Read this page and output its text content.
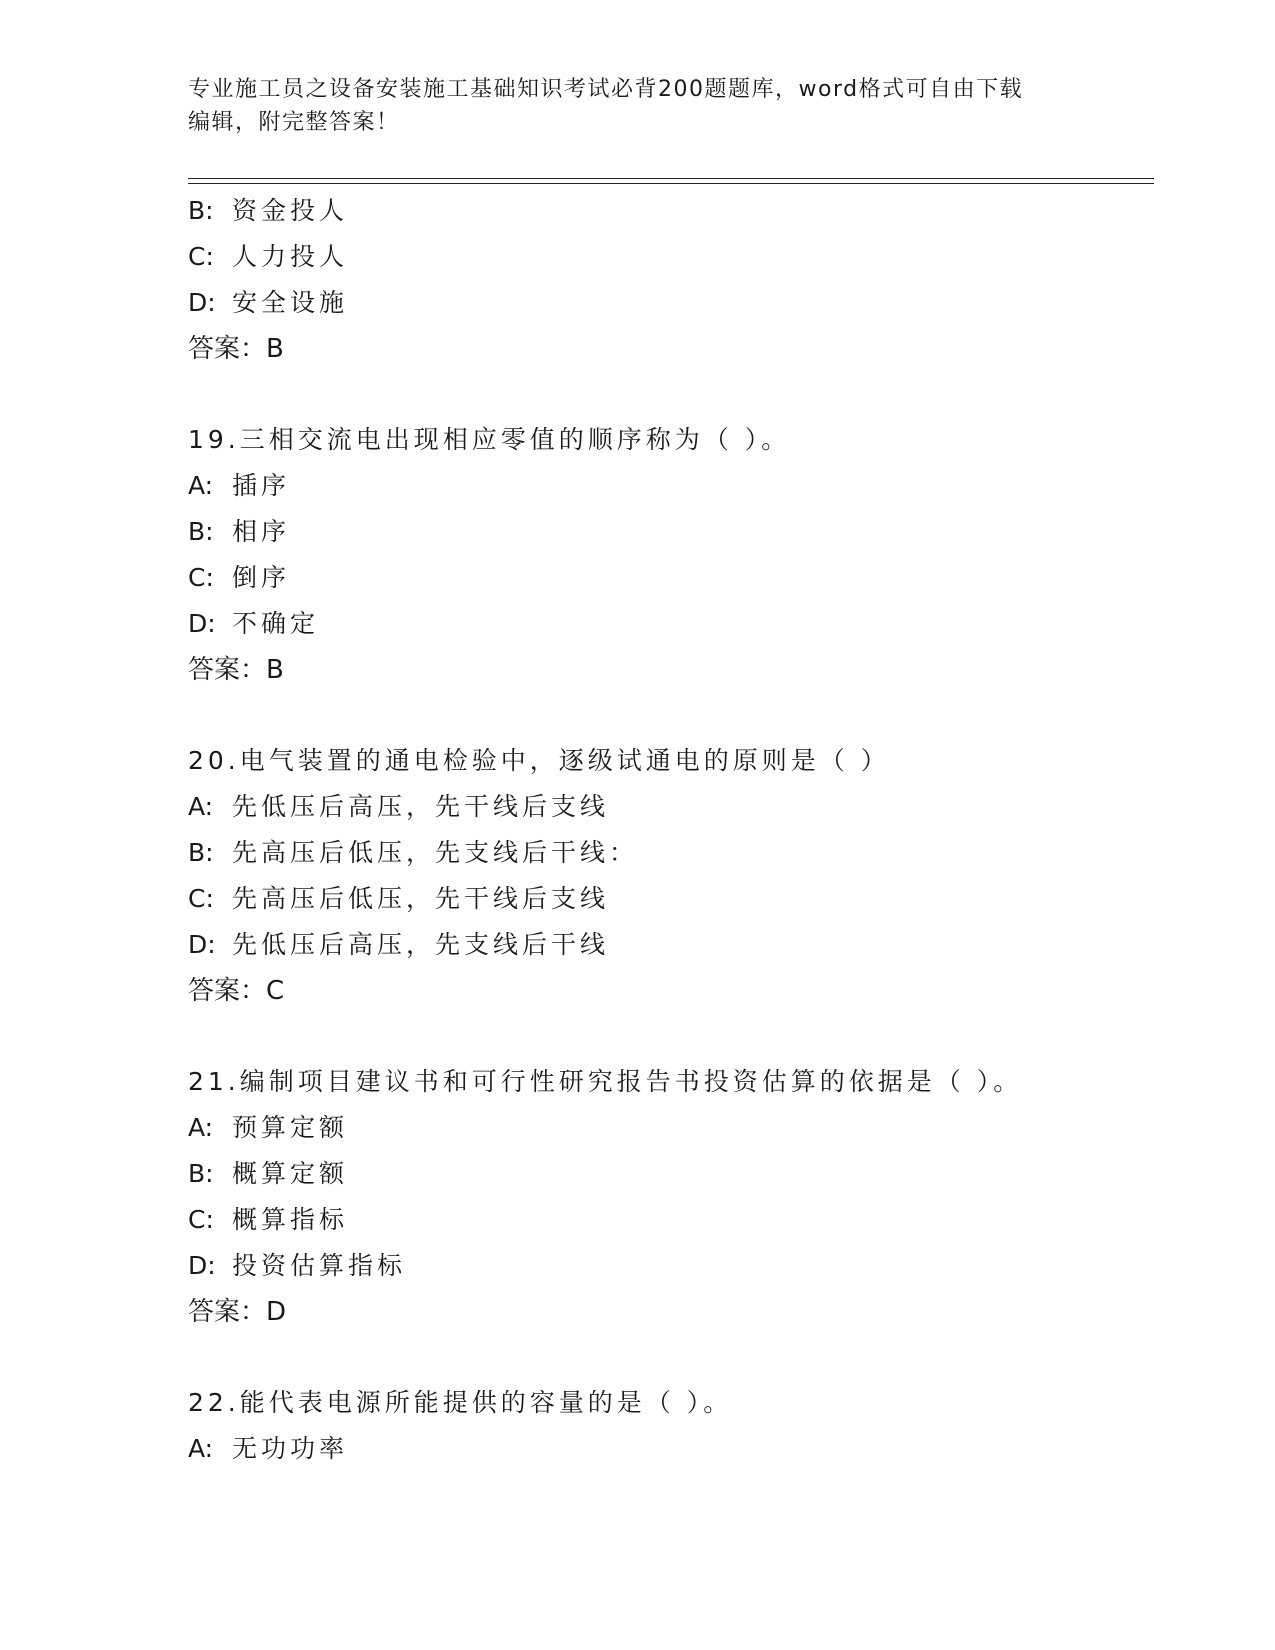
专业施工员之设备安装施工基础知识考试必背200题题库，word格式可自由下载
编辑，附完整答案！
B: 资金投人
C: 人力投人
D: 安全设施
答案：B
19.三相交流电出现相应零值的顺序称为（ ）。
A: 插序
B: 相序
C: 倒序
D: 不确定
答案：B
20.电气装置的通电检验中，逐级试通电的原则是（ ）
A: 先低压后高压，先干线后支线
B: 先高压后低压，先支线后干线：
C: 先高压后低压，先干线后支线
D: 先低压后高压，先支线后干线
答案：C
21.编制项目建议书和可行性研究报告书投资估算的依据是（ ）。
A: 预算定额
B: 概算定额
C: 概算指标
D: 投资估算指标
答案：D
22.能代表电源所能提供的容量的是（ ）。
A: 无功功率
